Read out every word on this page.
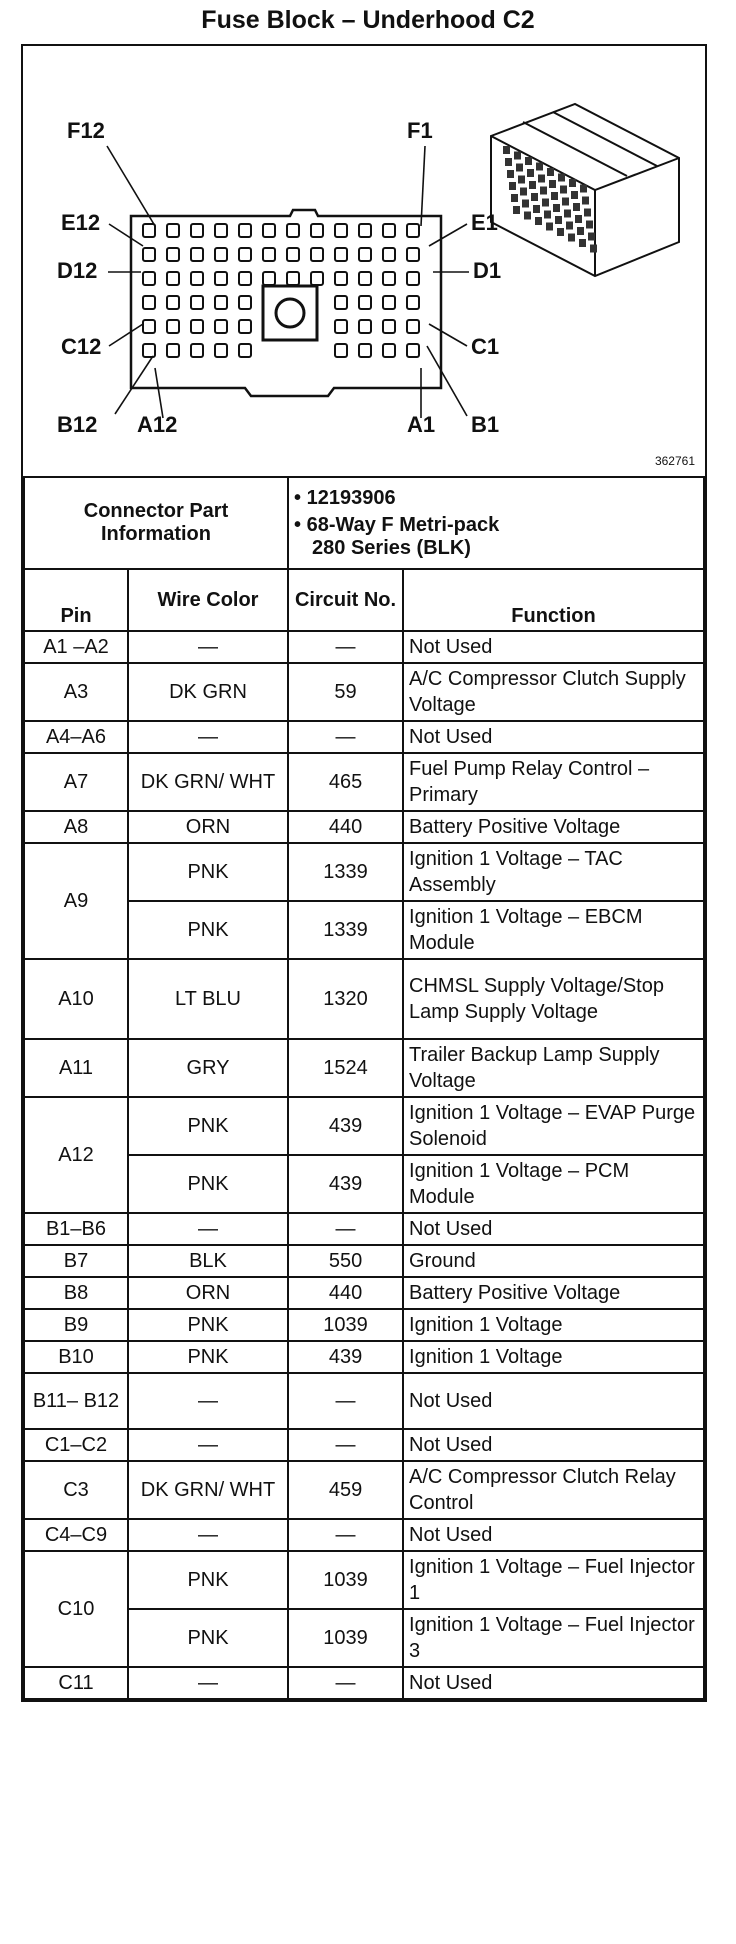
Fuse Block – Underhood C2
F12	F1
E12	E1
D12	D1
C12	C1
B12 A12	A1 B1
362761
Connector Part Information		• 12193906
• 68-Way F Metri-pack
280 Series (BLK)	

Pin	Wire Color	Circuit No.	Function
A1 –A2	—	—	Not Used
A3	DK GRN	59	A/C Compressor Clutch Supply Voltage
A4–A6	—	—	Not Used
A7	DK GRN/ WHT	465	Fuel Pump Relay Control – Primary
A8	ORN	440	Battery Positive Voltage
A9	PNK	1339	Ignition 1 Voltage – TAC Assembly
	PNK	1339	Ignition 1 Voltage – EBCM Module
A10	LT BLU	1320	CHMSL Supply Voltage/Stop Lamp Supply Voltage
A11	GRY	1524	Trailer Backup Lamp Supply Voltage
A12	PNK	439	Ignition 1 Voltage – EVAP Purge Solenoid
	PNK	439	Ignition 1 Voltage – PCM Module
B1–B6	—	—	Not Used
B7	BLK	550	Ground
B8	ORN	440	Battery Positive Voltage
B9	PNK	1039	Ignition 1 Voltage
B10	PNK	439	Ignition 1 Voltage
B11– B12	—	—	Not Used
C1–C2	—	—	Not Used
C3	DK GRN/ WHT	459	A/C Compressor Clutch Relay Control
C4–C9	—	—	Not Used
C10	PNK	1039	Ignition 1 Voltage – Fuel Injector 1
	PNK	1039	Ignition 1 Voltage – Fuel Injector 3
C11	—	—	Not Used
